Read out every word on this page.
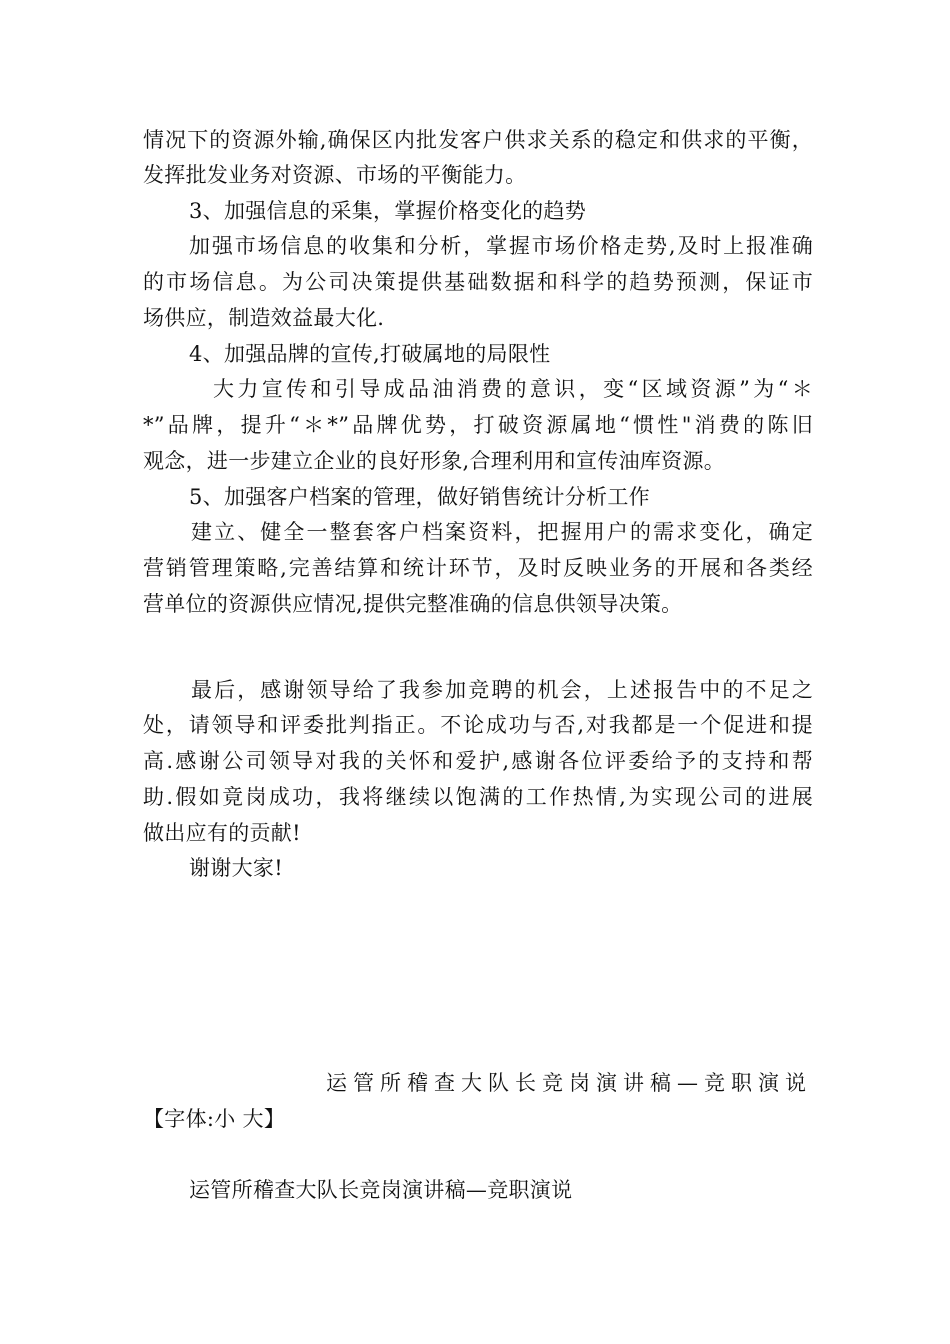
情况下的资源外输,确保区内批发客户供求关系的稳定和供求的平衡，
发挥批发业务对资源、市场的平衡能力。
3、加强信息的采集，掌握价格变化的趋势
加强市场信息的收集和分析，掌握市场价格走势,及时上报准确
的市场信息。为公司决策提供基础数据和科学的趋势预测，保证市
场供应，制造效益最大化.
4、加强品牌的宣传,打破属地的局限性
大力宣传和引导成品油消费的意识，变“区域资源”为“＊
*”品牌，提升“＊*”品牌优势，打破资源属地“惯性"消费的陈旧
观念，进一步建立企业的良好形象,合理利用和宣传油库资源。
5、加强客户档案的管理，做好销售统计分析工作
建立、健全一整套客户档案资料，把握用户的需求变化，确定
营销管理策略,完善结算和统计环节，及时反映业务的开展和各类经
营单位的资源供应情况,提供完整准确的信息供领导决策。
最后，感谢领导给了我参加竞聘的机会，上述报告中的不足之
处，请领导和评委批判指正。不论成功与否,对我都是一个促进和提
高.感谢公司领导对我的关怀和爱护,感谢各位评委给予的支持和帮
助.假如竟岗成功，我将继续以饱满的工作热情,为实现公司的进展
做出应有的贡献!
谢谢大家!
运管所稽查大队长竞岗演讲稿—竞职演说
【字体:小 大】
运管所稽查大队长竞岗演讲稿—竞职演说
